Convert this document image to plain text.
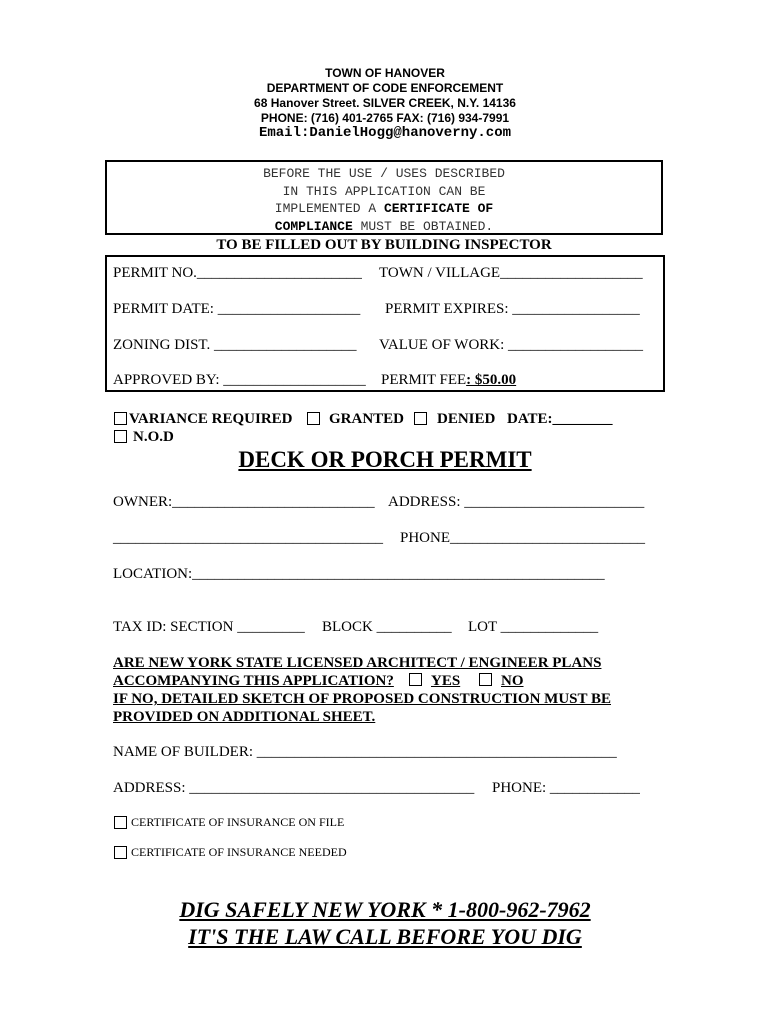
TOWN OF HANOVER
DEPARTMENT OF CODE ENFORCEMENT
68 Hanover Street. SILVER CREEK, N.Y. 14136
PHONE: (716) 401-2765 FAX: (716) 934-7991
Email:DanielHogg@hanoverny.com
BEFORE THE USE / USES DESCRIBED
IN THIS APPLICATION CAN BE
IMPLEMENTED A CERTIFICATE OF
COMPLIANCE MUST BE OBTAINED.
TO BE FILLED OUT BY BUILDING INSPECTOR
PERMIT NO.______________________ TOWN / VILLAGE___________________
PERMIT DATE: ___________________ PERMIT EXPIRES: _________________
ZONING DIST. ___________________ VALUE OF WORK: __________________
APPROVED BY: ___________________ PERMIT FEE: $50.00
VARIANCE REQUIRED GRANTED DENIED DATE:________
N.O.D
DECK OR PORCH PERMIT
OWNER:___________________________ ADDRESS: ________________________
____________________________________ PHONE__________________________
LOCATION:_______________________________________________________
TAX ID: SECTION _________ BLOCK __________ LOT _____________
ARE NEW YORK STATE LICENSED ARCHITECT / ENGINEER PLANS
ACCOMPANYING THIS APPLICATION? YES	NO
IF NO, DETAILED SKETCH OF PROPOSED CONSTRUCTION MUST BE
PROVIDED ON ADDITIONAL SHEET.
NAME OF BUILDER: ________________________________________________
ADDRESS: ______________________________________ PHONE: ____________
CERTIFICATE OF INSURANCE ON FILE
CERTIFICATE OF INSURANCE NEEDED
DIG SAFELY NEW YORK * 1-800-962-7962
IT'S THE LAW CALL BEFORE YOU DIG
